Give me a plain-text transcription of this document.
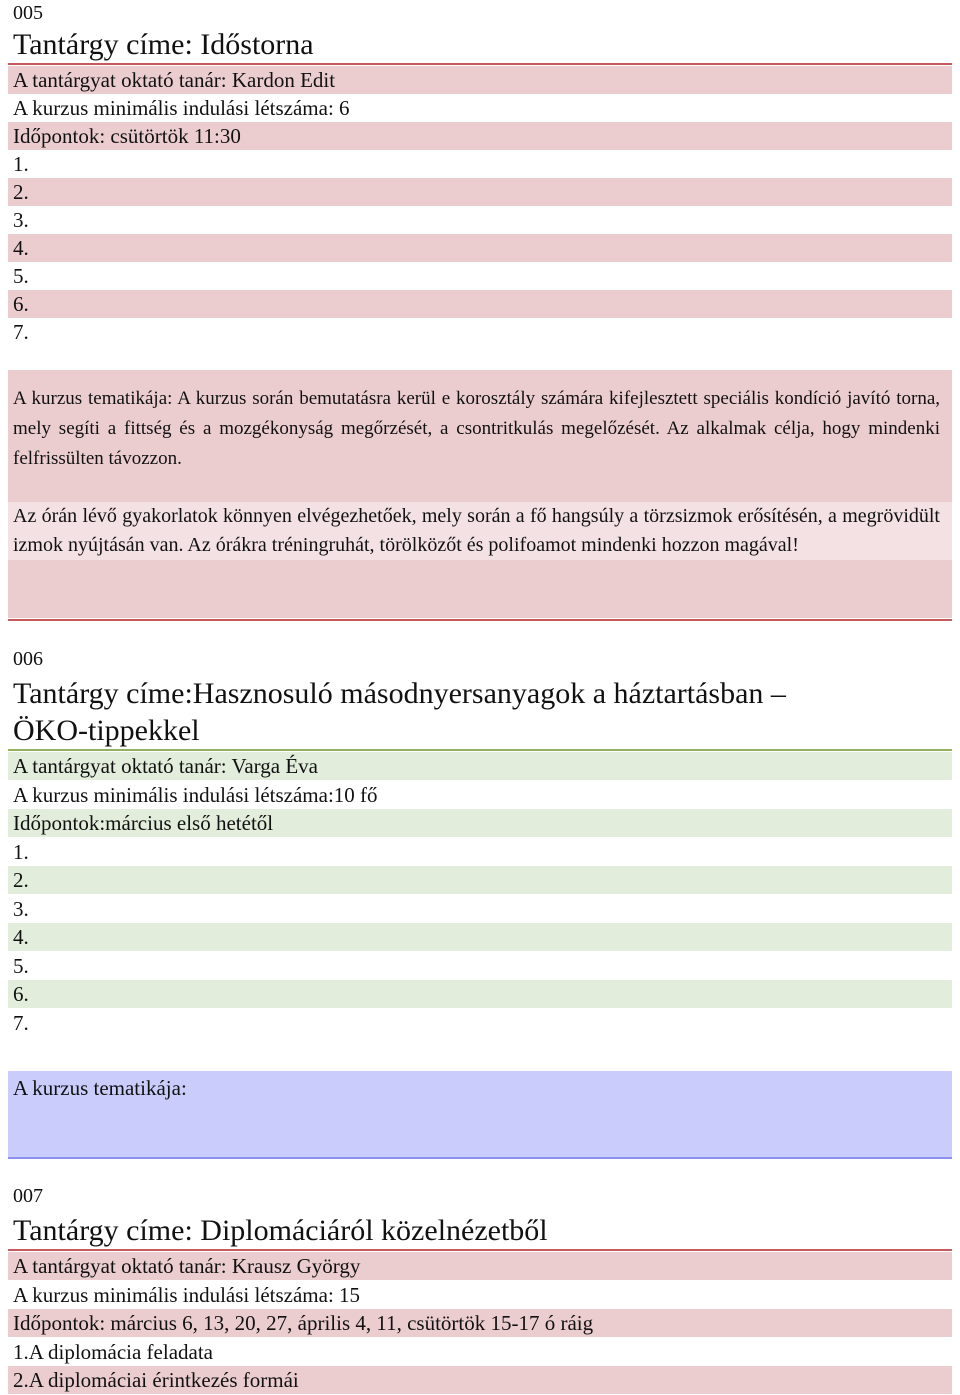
005
Tantárgy címe: Időstorna
A tantárgyat oktató tanár: Kardon Edit
A kurzus minimális indulási létszáma: 6
Időpontok: csütörtök 11:30
1.
2.
3.
4.
5.
6.
7.
A kurzus tematikája: A kurzus során bemutatásra kerül e korosztály számára kifejlesztett speciális kondíció javító torna, mely segíti a fittség és a mozgékonyság megőrzését, a csontritkulás megelőzését. Az alkalmak célja, hogy mindenki felfrissülten távozzon.
Az órán lévő gyakorlatok könnyen elvégezhetőek, mely során a fő hangsúly a törzsizmok erősítésén, a megrövidült izmok nyújtásán van. Az órákra tréningruhát, törölközőt és polifoamot mindenki hozzon magával!
006
Tantárgy címe:Hasznosuló másodnyersanyagok a háztartásban –
ÖKO-tippekkel
A tantárgyat oktató tanár: Varga Éva
A kurzus minimális indulási létszáma:10 fő
Időpontok:március első hetétől
1.
2.
3.
4.
5.
6.
7.
A kurzus tematikája:
007
Tantárgy címe: Diplomáciáról közelnézetből
A tantárgyat oktató tanár: Krausz György
A kurzus minimális indulási létszáma: 15
Időpontok: március 6, 13, 20, 27, április 4, 11, csütörtök 15-17 ó ráig
1.A diplomácia feladata
2.A diplomáciai érintkezés formái
